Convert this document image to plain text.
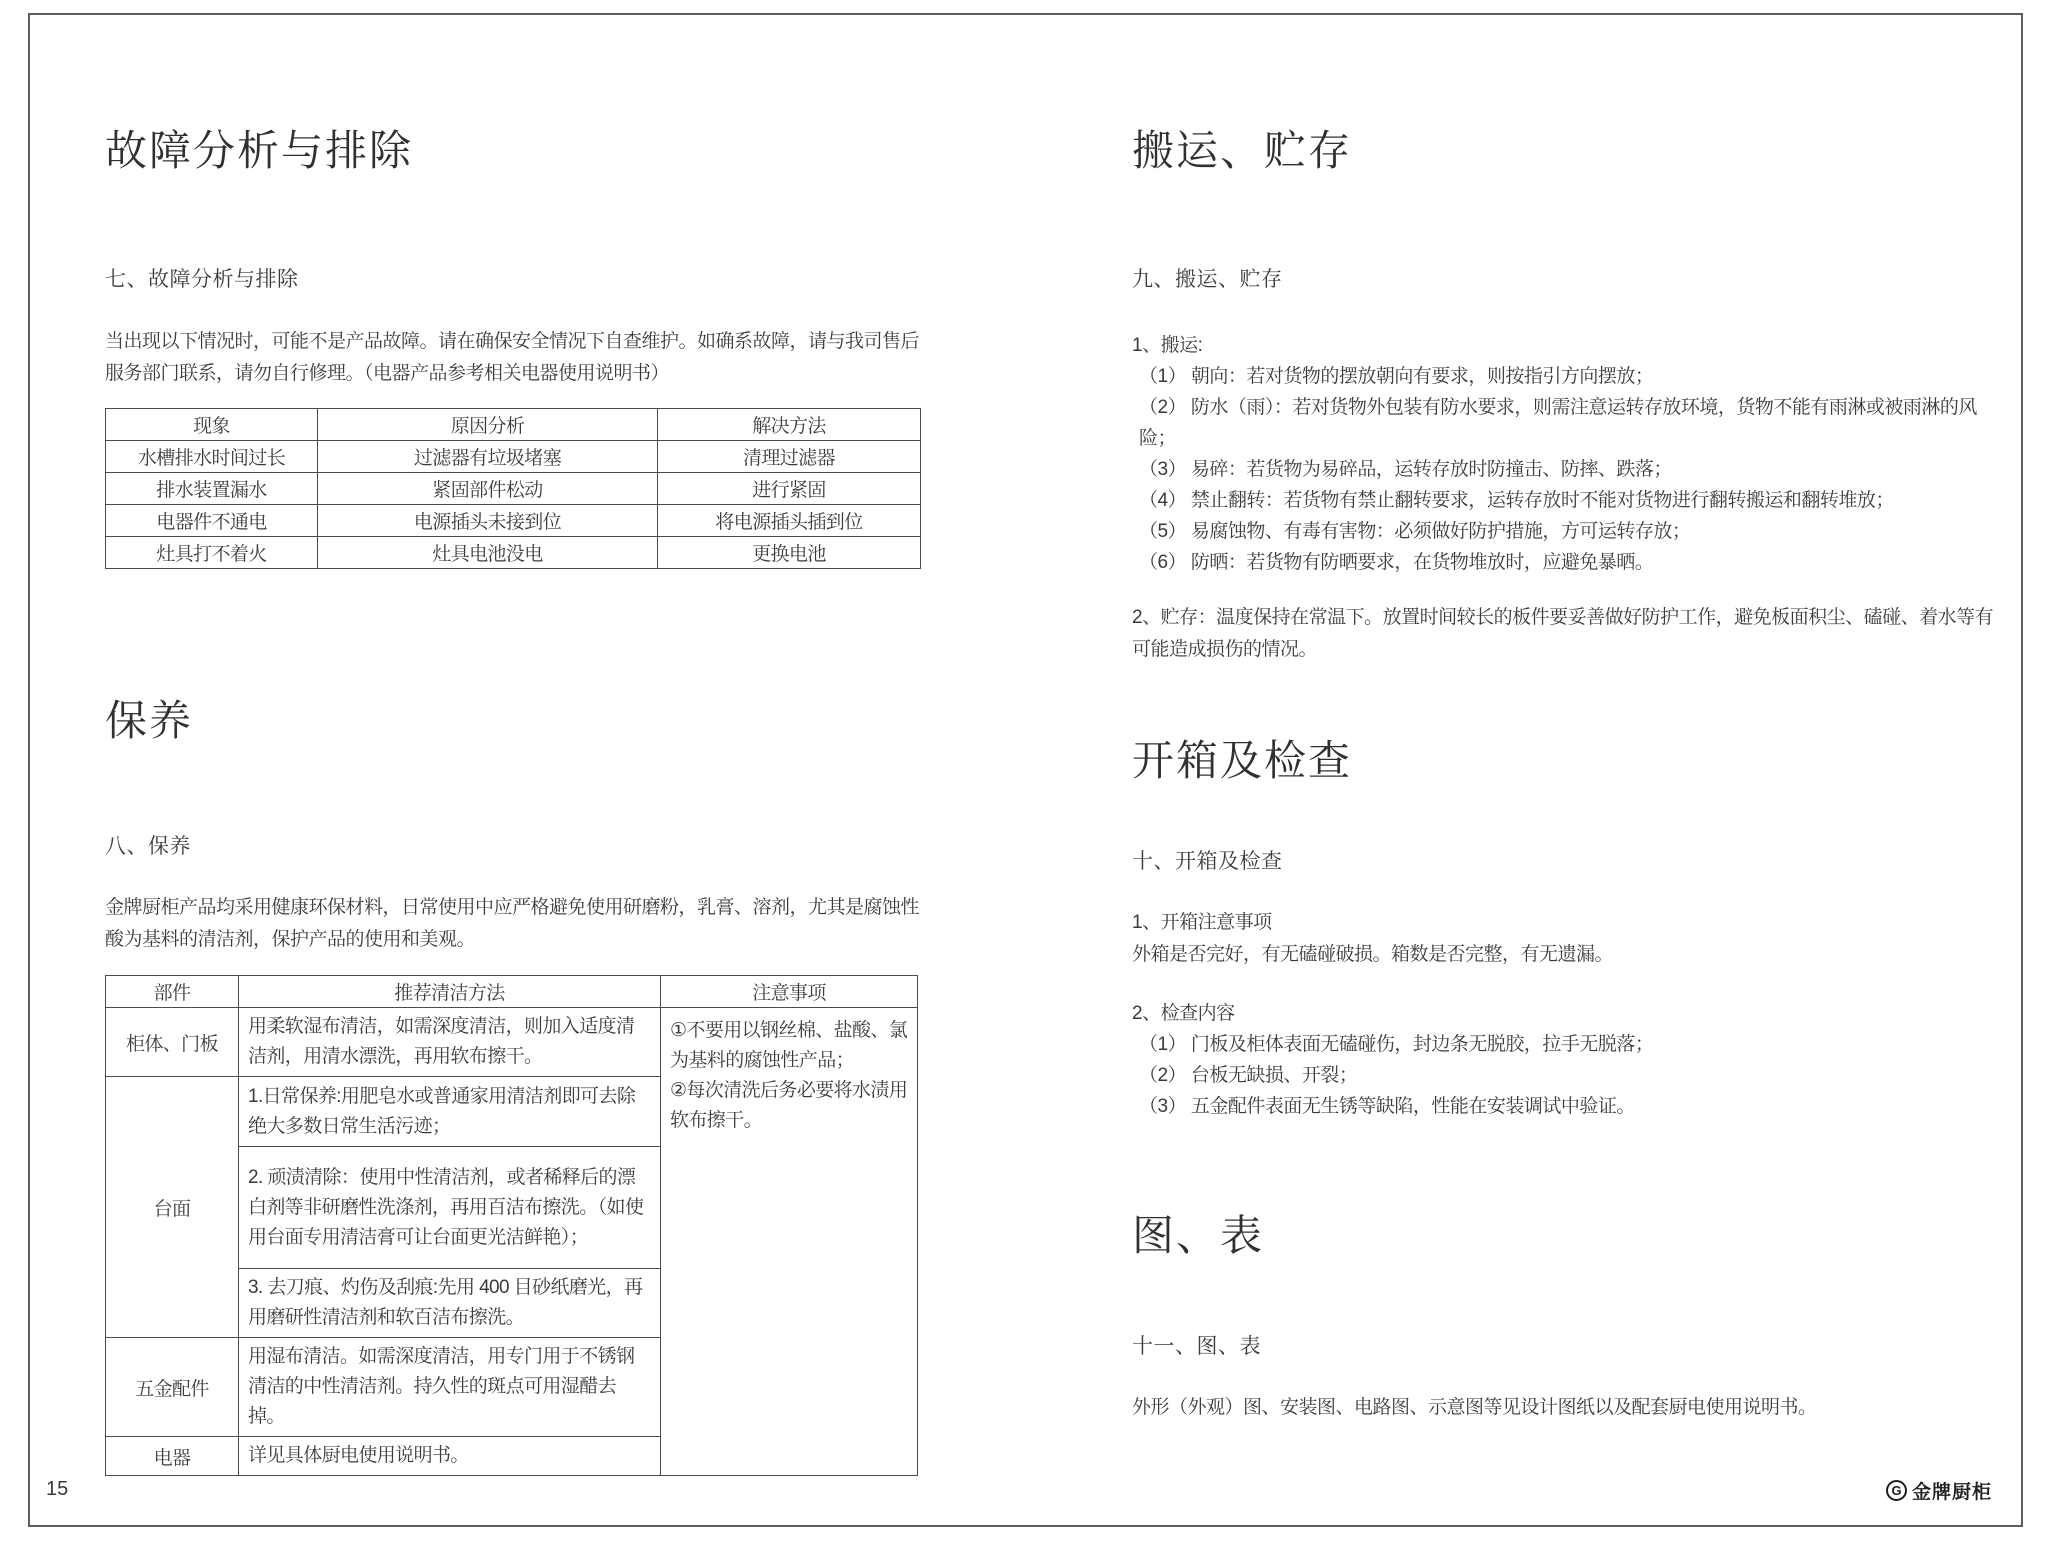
故障分析与排除
七、故障分析与排除
当出现以下情况时，可能不是产品故障。请在确保安全情况下自查维护。如确系故障，请与我司售后服务部门联系，请勿自行修理。（电器产品参考相关电器使用说明书）
现象	原因分析	解决方法
水槽排水时间过长	过滤器有垃圾堵塞	清理过滤器
排水装置漏水	紧固部件松动	进行紧固
电器件不通电	电源插头未接到位	将电源插头插到位
灶具打不着火	灶具电池没电	更换电池
保养
八、保养
金牌厨柜产品均采用健康环保材料，日常使用中应严格避免使用研磨粉，乳膏、溶剂，尤其是腐蚀性酸为基料的清洁剂，保护产品的使用和美观。
部件	推荐清洁方法	注意事项
柜体、门板	用柔软湿布清洁，如需深度清洁，则加入适度清洁剂，用清水漂洗，再用软布擦干。	①不要用以钢丝棉、盐酸、氯为基料的腐蚀性产品；
②每次清洗后务必要将水渍用软布擦干。

台面	1.日常保养:用肥皂水或普通家用清洁剂即可去除绝大多数日常生活污迹；	
	2. 顽渍清除：使用中性清洁剂，或者稀释后的漂白剂等非研磨性洗涤剂，再用百洁布擦洗。（如使用台面专用清洁膏可让台面更光洁鲜艳）；	
	3. 去刀痕、灼伤及刮痕:先用 400 目砂纸磨光，再用磨研性清洁剂和软百洁布擦洗。	
五金配件	用湿布清洁。如需深度清洁，用专门用于不锈钢清洁的中性清洁剂。持久性的斑点可用湿醋去掉。	
电器	详见具体厨电使用说明书。	
搬运、贮存
九、搬运、贮存
1、搬运:
（1） 朝向：若对货物的摆放朝向有要求，则按指引方向摆放；
（2） 防水（雨）：若对货物外包装有防水要求，则需注意运转存放环境，货物不能有雨淋或被雨淋的风险；
（3） 易碎：若货物为易碎品，运转存放时防撞击、防摔、跌落；
（4） 禁止翻转：若货物有禁止翻转要求，运转存放时不能对货物进行翻转搬运和翻转堆放；
（5） 易腐蚀物、有毒有害物：必须做好防护措施，方可运转存放；
（6） 防晒：若货物有防晒要求，在货物堆放时，应避免暴晒。
2、贮存：温度保持在常温下。放置时间较长的板件要妥善做好防护工作，避免板面积尘、磕碰、着水等有可能造成损伤的情况。
开箱及检查
十、开箱及检查
1、开箱注意事项
外箱是否完好，有无磕碰破损。箱数是否完整，有无遗漏。
2、检查内容
（1） 门板及柜体表面无磕碰伤，封边条无脱胶，拉手无脱落；
（2） 台板无缺损、开裂；
（3） 五金配件表面无生锈等缺陷，性能在安装调试中验证。
图、表
十一、图、表
外形（外观）图、安装图、电路图、示意图等见设计图纸以及配套厨电使用说明书。
15	G 金牌厨柜
